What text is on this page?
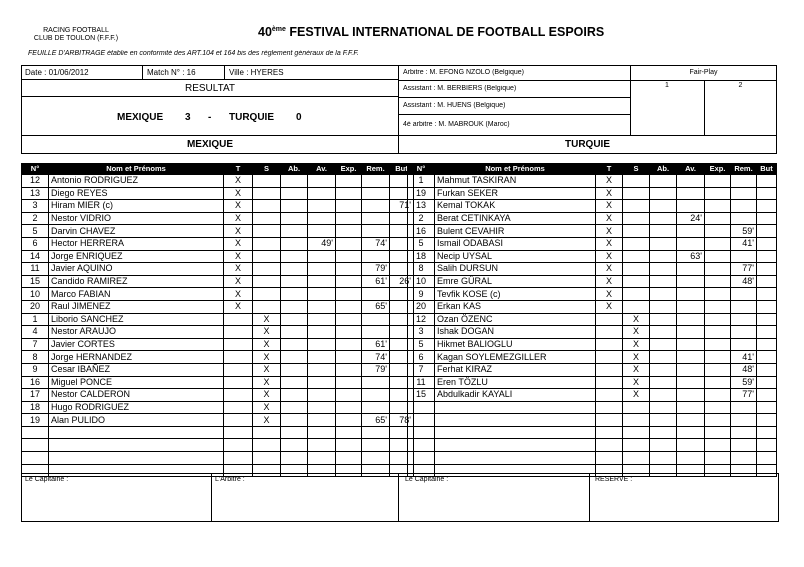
RACING FOOTBALL
CLUB DE TOULON (F.F.F.)	40ème FESTIVAL INTERNATIONAL DE FOOTBALL ESPOIRS
FEUILLE D'ARBITRAGE établie en conformité des ART.104 et 164 bis des règlement généraux de la F.F.F.
Date : 01/06/2012	Match N° : 16	Ville : HYERES
RESULTAT
MEXIQUE 3 - TURQUIE 0
Arbitre : M. EFONG NZOLO (Belgique)
Assistant : M. BERBIERS (Belgique)
Assistant : M. HUENS (Belgique)
4è arbitre : M. MABROUK (Maroc)
Fair-Play
1	2
MEXIQUE	TURQUIE
N°	Nom et Prénoms	T	S	Ab.	Av.	Exp.	Rem.	But
12	Antonio RODRIGUEZ	X						
13	Diego REYES	X						
3	Hiram MIER (c)	X						71'
2	Nestor VIDRIO	X						
5	Darvin CHAVEZ	X						
6	Hector HERRERA	X			49'		74'	
14	Jorge ENRIQUEZ	X						
11	Javier AQUINO	X					79'	
15	Candido RAMIREZ	X					61'	26'
10	Marco FABIAN	X						
20	Raul JIMENEZ	X					65'	
1	Liborio SANCHEZ		X					
4	Nestor ARAUJO		X					
7	Javier CORTES		X				61'	
8	Jorge HERNANDEZ		X				74'	
9	Cesar IBAÑEZ		X				79'	
16	Miguel PONCE		X					
17	Nestor CALDERON		X					
18	Hugo RODRIGUEZ		X					
19	Alan PULIDO		X				65'	78'

N°	Nom et Prénoms	T	S	Ab.	Av.	Exp.	Rem.	But
1	Mahmut TASKIRAN	X						
19	Furkan SEKER	X						
13	Kemal TOKAK	X						
2	Berat CETINKAYA	X			24'			
16	Bulent CEVAHIR	X					59'	
5	Ismail ODABASI	X					41'	
18	Necip UYSAL	X			63'			
8	Salih DURSUN	X					77'	
10	Emre GÜRAL	X					48'	
9	Tevfik KOSE (c)	X						
20	Erkan KAS	X						
12	Ozan ÖZENC		X					
3	Ishak DOGAN		X					
5	Hikmet BALIOGLU		X					
6	Kagan SOYLEMEZGILLER		X				41'	
7	Ferhat KIRAZ		X				48'	
11	Eren TÖZLU		X				59'	
15	Abdulkadir KAYALI		X				77'	

Le Capitaine :	L'Arbitre :	Le Capitaine :	RESERVE :
